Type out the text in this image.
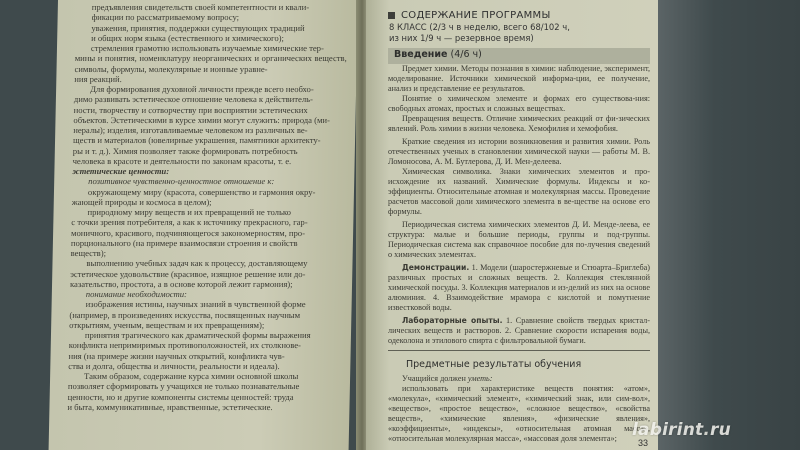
предъявления свидетельств своей компетентности и квали-

фикации по рассматриваемому вопросу;

уважения, принятия, поддержки существующих традиций

и общих норм языка (естественного и химического);

стремления грамотно использовать изучаемые химические тер-

мины и понятия, номенклатуру неорганических и органических веществ, символы, формулы, молекулярные и ионные уравне-

ния реакций.

Для формирования духовной личности прежде всего необхо-

димо развивать эстетическое отношение человека к действитель-

ности, творчеству и сотворчеству при восприятии эстетических

объектов. Эстетическими в курсе химии могут служить: природа (ми-

нералы); изделия, изготавливаемые человеком из различных ве-

ществ и материалов (ювелирные украшения, памятники архитекту-

ры и т. д.). Химия позволяет также формировать потребность

человека в красоте и деятельности по законам красоты, т. е.

эстетические ценности:

позитивное чувственно-ценностное отношение к:

окружающему миру (красота, совершенство и гармония окру-

жающей природы и космоса в целом);

природному миру веществ и их превращений не только

с точки зрения потребителя, а как к источнику прекрасного, гар-

моничного, красивого, подчиняющегося закономерностям, про-

порционального (на примере взаимосвязи строения и свойств

веществ);

выполнению учебных задач как к процессу, доставляющему

эстетическое удовольствие (красивое, изящное решение или до-

казательство, простота, а в основе которой лежит гармония);

понимание необходимости:

изображения истины, научных знаний в чувственной форме

(например, в произведениях искусства, посвященных научным

открытиям, ученым, веществам и их превращениям);

принятия трагического как драматической формы выражения

конфликта непримиримых противоположностей, их столкнове-

ния (на примере жизни научных открытий, конфликта чув-

ства и долга, общества и личности, реальности и идеала).

Таким образом, содержание курса химии основной школы

позволяет сформировать у учащихся не только познавательные

ценности, но и другие компоненты системы ценностей: труда

и быта, коммуникативные, нравственные, эстетические.

СОДЕРЖАНИЕ ПРОГРАММЫ
8 КЛАСС (2/3 ч в неделю, всего 68/102 ч,
из них 1/9 ч — резервное время)
Введение (4/6 ч)

Предмет химии. Методы познания в химии: наблюдение, эксперимент, моделирование. Источники химической информа-ции, ее получение, анализ и представление ее результатов.

Понятие о химическом элементе и формах его существова-ния: свободных атомах, простых и сложных веществах.

Превращения веществ. Отличие химических реакций от фи-зических явлений. Роль химии в жизни человека. Хемофилия и хемофобия.

Краткие сведения из истории возникновения и развития химии. Роль отечественных ученых в становлении химической науки — работы М. В. Ломоносова, А. М. Бутлерова, Д. И. Мен-делеева.

Химическая символика. Знаки химических элементов и про-исхождение их названий. Химические формулы. Индексы и ко-эффициенты. Относительные атомная и молекулярная массы. Проведение расчетов массовой доли химического элемента в ве-ществе на основе его формулы.

Периодическая система химических элементов Д. И. Менде-леева, ее структура: малые и большие периоды, группы и под-группы. Периодическая система как справочное пособие для по-лучения сведений о химических элементах.

Демонстрации. 1. Модели (шаростержневые и Стюарта–Бриглеба) различных простых и сложных веществ. 2. Коллекция стеклянной химической посуды. 3. Коллекция материалов и из-делий из них на основе алюминия. 4. Взаимодействие мрамора с кислотой и помутнение известковой воды.

Лабораторные опыты. 1. Сравнение свойств твердых кристал-лических веществ и растворов. 2. Сравнение скорости испарения воды, одеколона и этилового спирта с фильтровальной бумаги.

Предметные результаты обучения

Учащийся должен уметь:

использовать при характеристике веществ понятия: «атом», «молекула», «химический элемент», «химический знак, или сим-вол», «вещество», «простое вещество», «сложное вещество», «свойства веществ», «химические явления», «физические явления», «коэффициенты», «индексы», «относительная атомная масса», «относительная молекулярная масса», «массовая доля элемента»;	33
labirint.ru
